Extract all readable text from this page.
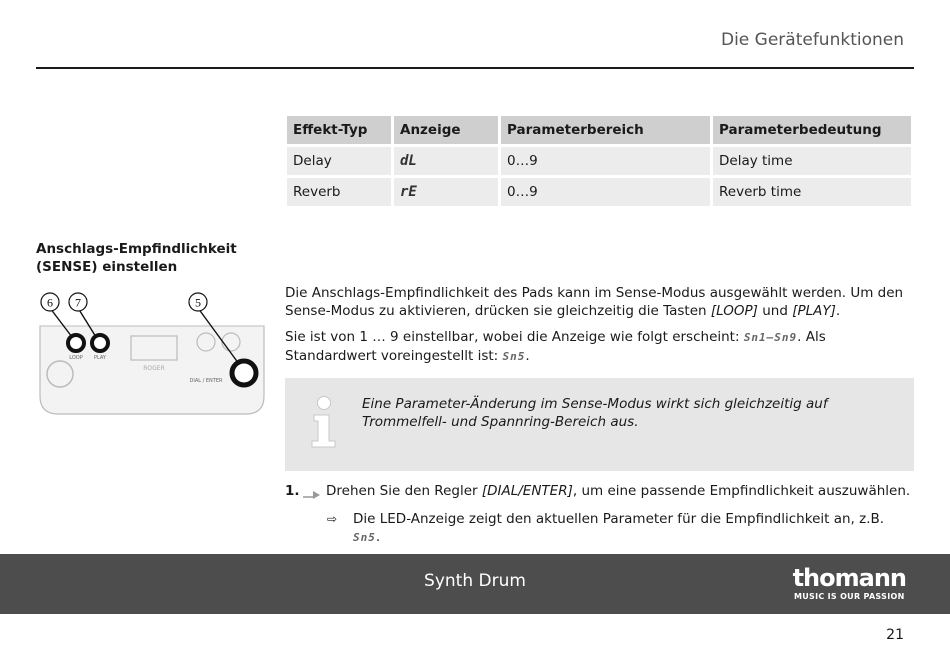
Die Gerätefunktionen
Effekt-Typ	Anzeige	Parameterbereich	Parameterbedeutung
Delay	dL	0…9	Delay time
Reverb	rE	0…9	Reverb time
Anschlags-Empfindlichkeit
(SENSE) einstellen
6 7	5
LOOP PLAY
ROGER
DIAL / ENTER

Die Anschlags-Empfindlichkeit des Pads kann im Sense-Modus ausgewählt werden. Um den Sense-Modus zu aktivieren, drücken sie gleichzeitig die Tasten [LOOP] und [PLAY].

Sie ist von 1 … 9 einstellbar, wobei die Anzeige wie folgt erscheint: Sn1–Sn9. Als Standardwert voreingestellt ist: Sn5.

Eine Parameter-Änderung im Sense-Modus wirkt sich gleichzeitig auf Trommelfell- und Spannring-Bereich aus.
1. Drehen Sie den Regler [DIAL/ENTER], um eine passende Empfindlichkeit auszuwählen.
⇨ Die LED-Anzeige zeigt den aktuellen Parameter für die Empfindlichkeit an, z.B. Sn5.
Synth Drum	thomann
MUSIC IS OUR PASSION
21
